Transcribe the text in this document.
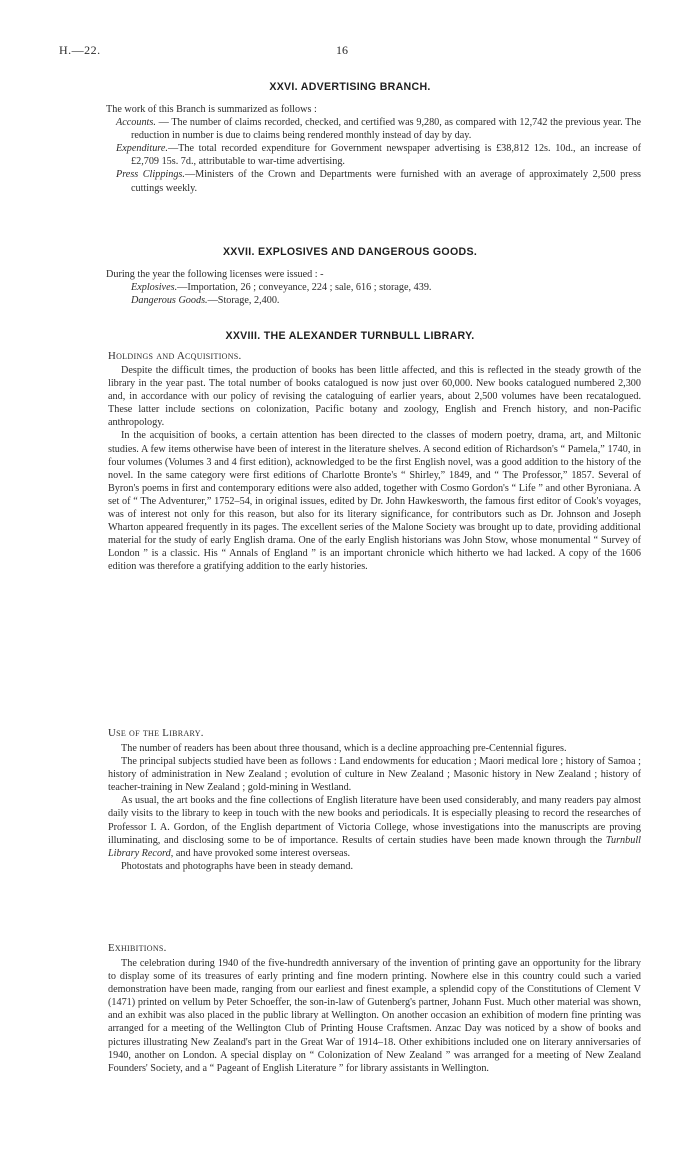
H.—22.	16
XXVI. ADVERTISING BRANCH.

The work of this Branch is summarized as follows :

Accounts. — The number of claims recorded, checked, and certified was 9,280, as compared with 12,742 the previous year. The reduction in number is due to claims being rendered monthly instead of day by day.

Expenditure.—The total recorded expenditure for Government newspaper advertising is £38,812 12s. 10d., an increase of £2,709 15s. 7d., attributable to war-time advertising.

Press Clippings.—Ministers of the Crown and Departments were furnished with an average of approximately 2,500 press cuttings weekly.

XXVII. EXPLOSIVES AND DANGEROUS GOODS.

During the year the following licenses were issued : -

Explosives.—Importation, 26 ; conveyance, 224 ; sale, 616 ; storage, 439.

Dangerous Goods.—Storage, 2,400.

XXVIII. THE ALEXANDER TURNBULL LIBRARY.
Holdings and Acquisitions.

Despite the difficult times, the production of books has been little affected, and this is reflected in the steady growth of the library in the year past. The total number of books catalogued is now just over 60,000. New books catalogued numbered 2,300 and, in accordance with our policy of revising the cataloguing of earlier years, about 2,500 volumes have been recatalogued. These latter include sections on colonization, Pacific botany and zoology, English and French history, and non-Pacific anthropology.

In the acquisition of books, a certain attention has been directed to the classes of modern poetry, drama, art, and Miltonic studies. A few items otherwise have been of interest in the literature shelves. A second edition of Richardson's “ Pamela,” 1740, in four volumes (Volumes 3 and 4 first edition), acknowledged to be the first English novel, was a good addition to the history of the novel. In the same category were first editions of Charlotte Bronte's “ Shirley,” 1849, and “ The Professor,” 1857. Several of Byron's poems in first and contemporary editions were also added, together with Cosmo Gordon's “ Life ” and other Byroniana. A set of “ The Adventurer,” 1752–54, in original issues, edited by Dr. John Hawkesworth, the famous first editor of Cook's voyages, was of interest not only for this reason, but also for its literary significance, for contributors such as Dr. Johnson and Joseph Wharton appeared frequently in its pages. The excellent series of the Malone Society was brought up to date, providing additional material for the study of early English drama. One of the early English historians was John Stow, whose monumental “ Survey of London ” is a classic. His “ Annals of England ” is an important chronicle which hitherto we had lacked. A copy of the 1606 edition was therefore a gratifying addition to the early histories.

Use of the Library.

The number of readers has been about three thousand, which is a decline approaching pre-Centennial figures.

The principal subjects studied have been as follows : Land endowments for education ; Maori medical lore ; history of Samoa ; history of administration in New Zealand ; evolution of culture in New Zealand ; Masonic history in New Zealand ; history of teacher-training in New Zealand ; gold-mining in Westland.

As usual, the art books and the fine collections of English literature have been used considerably, and many readers pay almost daily visits to the library to keep in touch with the new books and periodicals. It is especially pleasing to record the researches of Professor I. A. Gordon, of the English department of Victoria College, whose investigations into the manuscripts are proving illuminating, and disclosing some to be of importance. Results of certain studies have been made known through the Turnbull Library Record, and have provoked some interest overseas.

Photostats and photographs have been in steady demand.

Exhibitions.

The celebration during 1940 of the five-hundredth anniversary of the invention of printing gave an opportunity for the library to display some of its treasures of early printing and fine modern printing. Nowhere else in this country could such a varied demonstration have been made, ranging from our earliest and finest example, a splendid copy of the Constitutions of Clement V (1471) printed on vellum by Peter Schoeffer, the son-in-law of Gutenberg's partner, Johann Fust. Much other material was shown, and an exhibit was also placed in the public library at Wellington. On another occasion an exhibition of modern fine printing was arranged for a meeting of the Wellington Club of Printing House Craftsmen. Anzac Day was noticed by a show of books and pictures illustrating New Zealand's part in the Great War of 1914–18. Other exhibitions included one on literary anniversaries of 1940, another on London. A special display on “ Colonization of New Zealand ” was arranged for a meeting of New Zealand Founders' Society, and a “ Pageant of English Literature ” for library assistants in Wellington.
